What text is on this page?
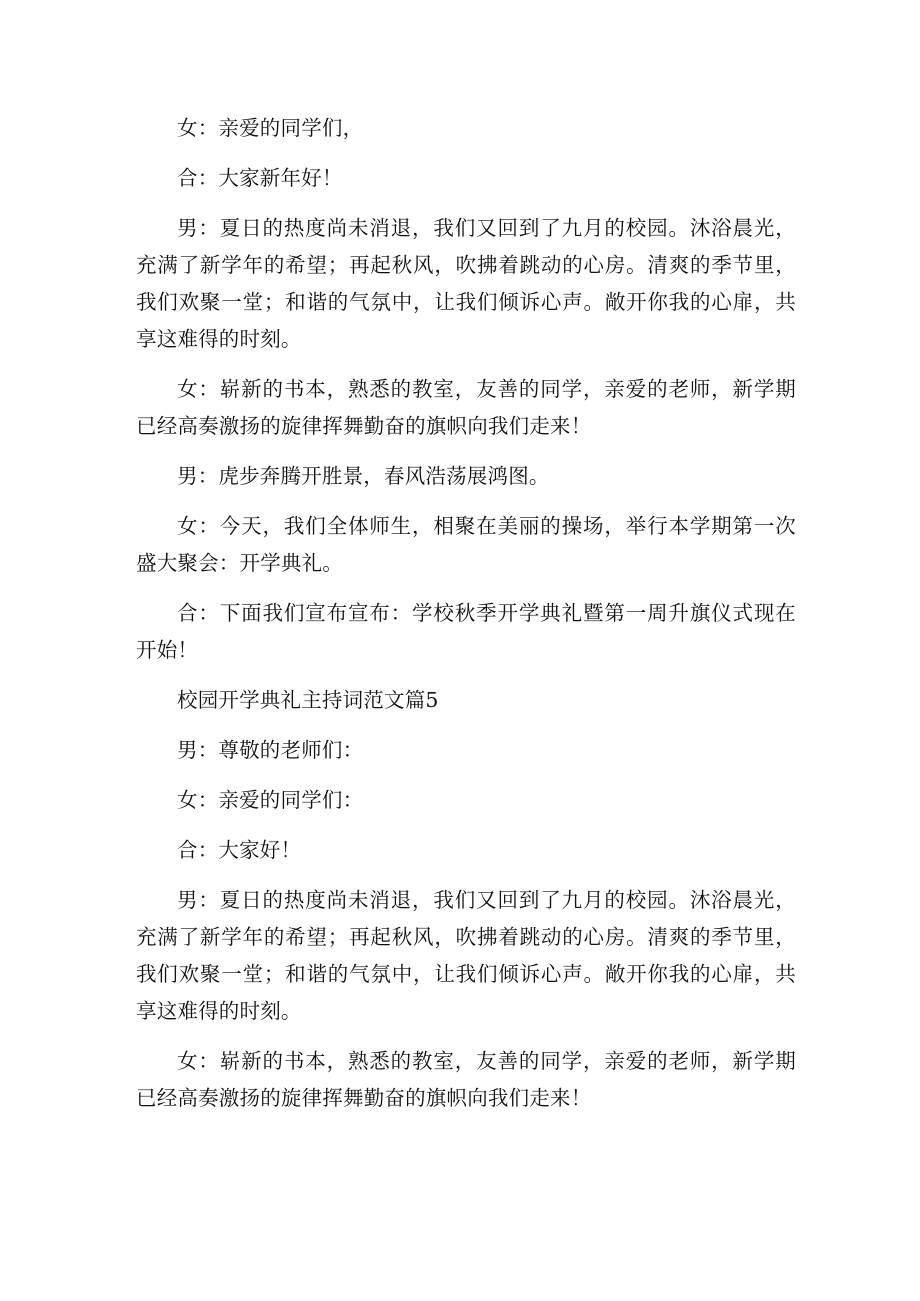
女：亲爱的同学们，

合：大家新年好！

男：夏日的热度尚未消退，我们又回到了九月的校园。沐浴晨光，充满了新学年的希望；再起秋风，吹拂着跳动的心房。清爽的季节里，我们欢聚一堂；和谐的气氛中，让我们倾诉心声。敞开你我的心扉，共享这难得的时刻。

女：崭新的书本，熟悉的教室，友善的同学，亲爱的老师，新学期已经高奏激扬的旋律挥舞勤奋的旗帜向我们走来！

男：虎步奔腾开胜景，春风浩荡展鸿图。

女：今天，我们全体师生，相聚在美丽的操场，举行本学期第一次盛大聚会：开学典礼。

合：下面我们宣布宣布：学校秋季开学典礼暨第一周升旗仪式现在开始！

校园开学典礼主持词范文篇5

男：尊敬的老师们：

女：亲爱的同学们：

合：大家好！

男：夏日的热度尚未消退，我们又回到了九月的校园。沐浴晨光，充满了新学年的希望；再起秋风，吹拂着跳动的心房。清爽的季节里，我们欢聚一堂；和谐的气氛中，让我们倾诉心声。敞开你我的心扉，共享这难得的时刻。

女：崭新的书本，熟悉的教室，友善的同学，亲爱的老师，新学期已经高奏激扬的旋律挥舞勤奋的旗帜向我们走来！
